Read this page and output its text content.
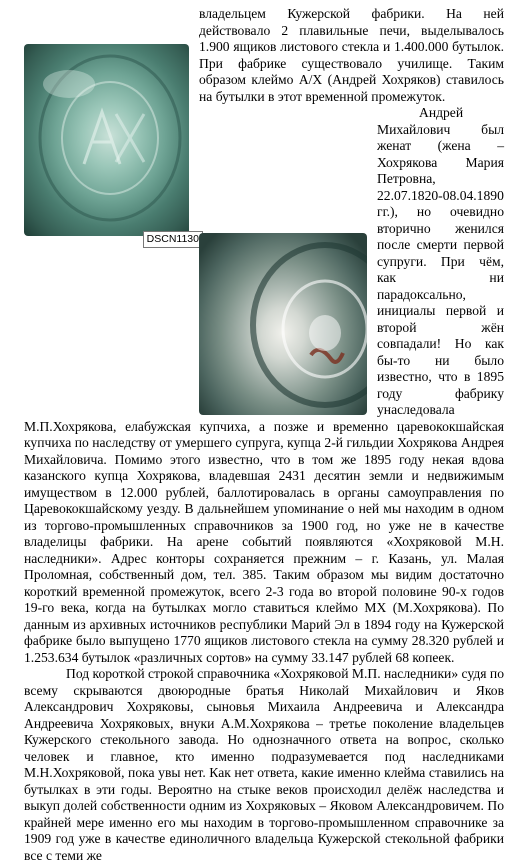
DSCN1130

владельцем Кужерской фабрики. На ней действовало 2 плавильные печи, выделывалось 1.900 ящиков листового стекла и 1.400.000 бутылок. При фабрике существовало училище. Таким образом клеймо А/Х (Андрей Хохряков) ставилось на бутылки в этот временной промежуток.

Андрей Михайлович был женат (жена – Хохрякова Мария Петровна, 22.07.1820-08.04.1890 гг.), но очевидно вторично женился после смерти первой супруги. При чём, как ни парадоксально, инициалы первой и второй жён совпадали! Но как бы-то ни было известно, что в 1895 году фабрику унаследовала М.П.Хохрякова, елабужская купчиха, а позже и временно царевококшайская купчиха по наследству от умершего супруга, купца 2-й гильдии Хохрякова Андрея Михайловича. Помимо этого известно, что в том же 1895 году некая вдова казанского купца Хохрякова, владевшая 2431 десятин земли и недвижимым имуществом в 12.000 рублей, баллотировалась в органы самоуправления по Царевококшайскому уезду. В дальнейшем упоминание о ней мы находим в одном из торгово-промышленных справочников за 1900 год, но уже не в качестве владелицы фабрики. На арене событий появляются «Хохряковой М.Н. наследники». Адрес конторы сохраняется прежним – г. Казань, ул. Малая Проломная, собственный дом, тел. 385. Таким образом мы видим достаточно короткий временной промежуток, всего 2-3 года во второй половине 90-х годов 19-го века, когда на бутылках могло ставиться клеймо МХ (М.Хохрякова). По данным из архивных источников республики Марий Эл в 1894 году на Кужерской фабрике было выпущено 1770 ящиков листового стекла на сумму 28.320 рублей и 1.253.634 бутылок «различных сортов» на сумму 33.147 рублей 68 копеек.

Под короткой строкой справочника «Хохряковой М.П. наследники» судя по всему скрываются двоюродные братья Николай Михайлович и Яков Александрович Хохряковы, сыновья Михаила Андреевича и Александра Андреевича Хохряковых, внуки А.М.Хохрякова – третье поколение владельцев Кужерского стекольного завода. Но однозначного ответа на вопрос, сколько человек и главное, кто именно подразумевается под наследниками М.Н.Хохряковой, пока увы нет. Как нет ответа, какие именно клейма ставились на бутылках в эти годы. Вероятно на стыке веков происходил делёж наследства и выкуп долей собственности одним из Хохряковых – Яковом Александровичем. По крайней мере именно его мы находим в торгово-промышленном справочнике за 1909 год уже в качестве единоличного владельца Кужерской стекольной фабрики все с теми же
